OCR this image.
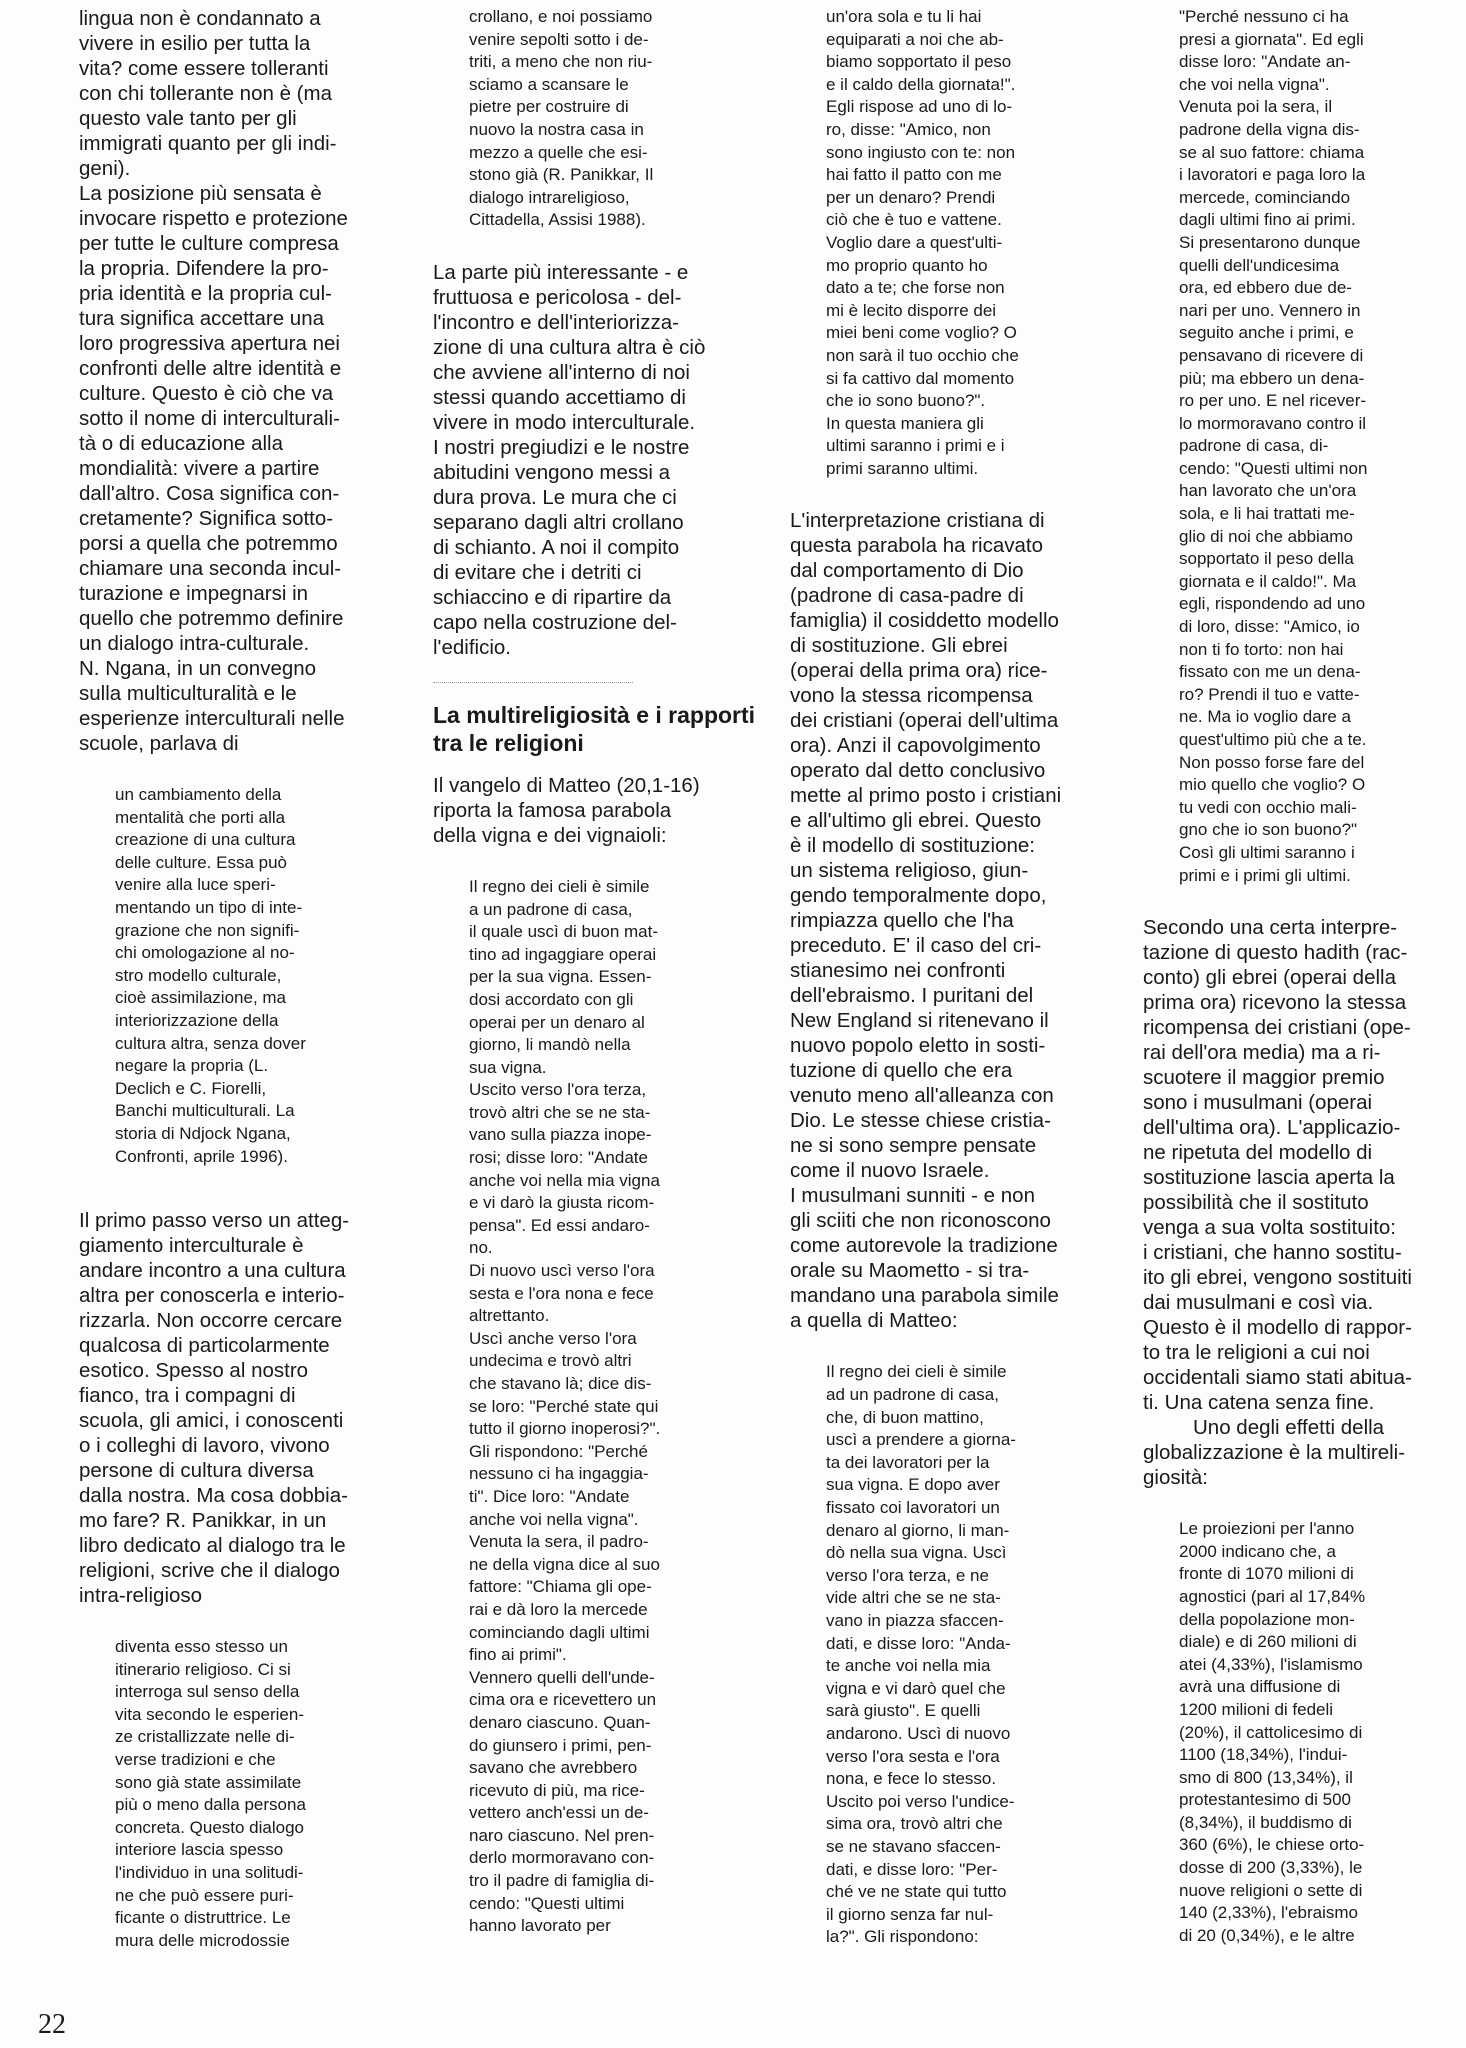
lingua non è condannato a
vivere in esilio per tutta la
vita? come essere tolleranti
con chi tollerante non è (ma
questo vale tanto per gli
immigrati quanto per gli indi-
geni).

La posizione più sensata è
invocare rispetto e protezione
per tutte le culture compresa
la propria. Difendere la pro-
pria identità e la propria cul-
tura significa accettare una
loro progressiva apertura nei
confronti delle altre identità e
culture. Questo è ciò che va
sotto il nome di interculturali-
tà o di educazione alla
mondialità: vivere a partire
dall'altro. Cosa significa con-
cretamente? Significa sotto-
porsi a quella che potremmo
chiamare una seconda incul-
turazione e impegnarsi in
quello che potremmo definire
un dialogo intra-culturale.

N. Ngana, in un convegno
sulla multiculturalità e le
esperienze interculturali nelle
scuole, parlava di

un cambiamento della
mentalità che porti alla
creazione di una cultura
delle culture. Essa può
venire alla luce speri-
mentando un tipo di inte-
grazione che non signifi-
chi omologazione al no-
stro modello culturale,
cioè assimilazione, ma
interiorizzazione della
cultura altra, senza dover
negare la propria (L.
Declich e C. Fiorelli,
Banchi multiculturali. La
storia di Ndjock Ngana,
Confronti, aprile 1996).

Il primo passo verso un atteg-
giamento interculturale è
andare incontro a una cultura
altra per conoscerla e interio-
rizzarla. Non occorre cercare
qualcosa di particolarmente
esotico. Spesso al nostro
fianco, tra i compagni di
scuola, gli amici, i conoscenti
o i colleghi di lavoro, vivono
persone di cultura diversa
dalla nostra. Ma cosa dobbia-
mo fare? R. Panikkar, in un
libro dedicato al dialogo tra le
religioni, scrive che il dialogo
intra-religioso

diventa esso stesso un
itinerario religioso. Ci si
interroga sul senso della
vita secondo le esperien-
ze cristallizzate nelle di-
verse tradizioni e che
sono già state assimilate
più o meno dalla persona
concreta. Questo dialogo
interiore lascia spesso
l'individuo in una solitudi-
ne che può essere puri-
ficante o distruttrice. Le
mura delle microdossie

crollano, e noi possiamo
venire sepolti sotto i de-
triti, a meno che non riu-
sciamo a scansare le
pietre per costruire di
nuovo la nostra casa in
mezzo a quelle che esi-
stono già (R. Panikkar, Il
dialogo intrareligioso,
Cittadella, Assisi 1988).

La parte più interessante - e
fruttuosa e pericolosa - del-
l'incontro e dell'interiorizza-
zione di una cultura altra è ciò
che avviene all'interno di noi
stessi quando accettiamo di
vivere in modo interculturale.
I nostri pregiudizi e le nostre
abitudini vengono messi a
dura prova. Le mura che ci
separano dagli altri crollano
di schianto. A noi il compito
di evitare che i detriti ci
schiaccino e di ripartire da
capo nella costruzione del-
l'edificio.

La multireligiosità e i rapporti tra le religioni

Il vangelo di Matteo (20,1-16)
riporta la famosa parabola
della vigna e dei vignaioli:

Il regno dei cieli è simile
a un padrone di casa,
il quale uscì di buon mat-
tino ad ingaggiare operai
per la sua vigna. Essen-
dosi accordato con gli
operai per un denaro al
giorno, li mandò nella
sua vigna.

Uscito verso l'ora terza,
trovò altri che se ne sta-
vano sulla piazza inope-
rosi; disse loro: "Andate
anche voi nella mia vigna
e vi darò la giusta ricom-
pensa". Ed essi andaro-
no.

Di nuovo uscì verso l'ora
sesta e l'ora nona e fece
altrettanto.

Uscì anche verso l'ora
undecima e trovò altri
che stavano là; dice dis-
se loro: "Perché state qui
tutto il giorno inoperosi?".
Gli rispondono: "Perché
nessuno ci ha ingaggia-
ti". Dice loro: "Andate
anche voi nella vigna".
Venuta la sera, il padro-
ne della vigna dice al suo
fattore: "Chiama gli ope-
rai e dà loro la mercede
cominciando dagli ultimi
fino ai primi".
Vennero quelli dell'unde-
cima ora e ricevettero un
denaro ciascuno. Quan-
do giunsero i primi, pen-
savano che avrebbero
ricevuto di più, ma rice-
vettero anch'essi un de-
naro ciascuno. Nel pren-
derlo mormoravano con-
tro il padre di famiglia di-
cendo: "Questi ultimi
hanno lavorato per

un'ora sola e tu li hai
equiparati a noi che ab-
biamo sopportato il peso
e il caldo della giornata!".
Egli rispose ad uno di lo-
ro, disse: "Amico, non
sono ingiusto con te: non
hai fatto il patto con me
per un denaro? Prendi
ciò che è tuo e vattene.
Voglio dare a quest'ulti-
mo proprio quanto ho
dato a te; che forse non
mi è lecito disporre dei
miei beni come voglio? O
non sarà il tuo occhio che
si fa cattivo dal momento
che io sono buono?".

In questa maniera gli
ultimi saranno i primi e i
primi saranno ultimi.

L'interpretazione cristiana di
questa parabola ha ricavato
dal comportamento di Dio
(padrone di casa-padre di
famiglia) il cosiddetto modello
di sostituzione. Gli ebrei
(operai della prima ora) rice-
vono la stessa ricompensa
dei cristiani (operai dell'ultima
ora). Anzi il capovolgimento
operato dal detto conclusivo
mette al primo posto i cristiani
e all'ultimo gli ebrei. Questo
è il modello di sostituzione:
un sistema religioso, giun-
gendo temporalmente dopo,
rimpiazza quello che l'ha
preceduto. E' il caso del cri-
stianesimo nei confronti
dell'ebraismo. I puritani del
New England si ritenevano il
nuovo popolo eletto in sosti-
tuzione di quello che era
venuto meno all'alleanza con
Dio. Le stesse chiese cristia-
ne si sono sempre pensate
come il nuovo Israele.

I musulmani sunniti - e non
gli sciiti che non riconoscono
come autorevole la tradizione
orale su Maometto - si tra-
mandano una parabola simile
a quella di Matteo:

Il regno dei cieli è simile
ad un padrone di casa,
che, di buon mattino,
uscì a prendere a giorna-
ta dei lavoratori per la
sua vigna. E dopo aver
fissato coi lavoratori un
denaro al giorno, li man-
dò nella sua vigna. Uscì
verso l'ora terza, e ne
vide altri che se ne sta-
vano in piazza sfaccen-
dati, e disse loro: "Anda-
te anche voi nella mia
vigna e vi darò quel che
sarà giusto". E quelli
andarono. Uscì di nuovo
verso l'ora sesta e l'ora
nona, e fece lo stesso.
Uscito poi verso l'undice-
sima ora, trovò altri che
se ne stavano sfaccen-
dati, e disse loro: "Per-
ché ve ne state qui tutto
il giorno senza far nul-
la?". Gli rispondono:

"Perché nessuno ci ha
presi a giornata". Ed egli
disse loro: "Andate an-
che voi nella vigna".
Venuta poi la sera, il
padrone della vigna dis-
se al suo fattore: chiama
i lavoratori e paga loro la
mercede, cominciando
dagli ultimi fino ai primi.
Si presentarono dunque
quelli dell'undicesima
ora, ed ebbero due de-
nari per uno. Vennero in
seguito anche i primi, e
pensavano di ricevere di
più; ma ebbero un dena-
ro per uno. E nel ricever-
lo mormoravano contro il
padrone di casa, di-
cendo: "Questi ultimi non
han lavorato che un'ora
sola, e li hai trattati me-
glio di noi che abbiamo
sopportato il peso della
giornata e il caldo!". Ma
egli, rispondendo ad uno
di loro, disse: "Amico, io
non ti fo torto: non hai
fissato con me un dena-
ro? Prendi il tuo e vatte-
ne. Ma io voglio dare a
quest'ultimo più che a te.
Non posso forse fare del
mio quello che voglio? O
tu vedi con occhio mali-
gno che io son buono?"
Così gli ultimi saranno i
primi e i primi gli ultimi.

Secondo una certa interpre-
tazione di questo hadith (rac-
conto) gli ebrei (operai della
prima ora) ricevono la stessa
ricompensa dei cristiani (ope-
rai dell'ora media) ma a ri-
scuotere il maggior premio
sono i musulmani (operai
dell'ultima ora). L'applicazio-
ne ripetuta del modello di
sostituzione lascia aperta la
possibilità che il sostituto
venga a sua volta sostituito:
i cristiani, che hanno sostitu-
ito gli ebrei, vengono sostituiti
dai musulmani e così via.
Questo è il modello di rappor-
to tra le religioni a cui noi
occidentali siamo stati abitua-
ti. Una catena senza fine.

Uno degli effetti della
globalizzazione è la multireli-
giosità:

Le proiezioni per l'anno
2000 indicano che, a
fronte di 1070 milioni di
agnostici (pari al 17,84%
della popolazione mon-
diale) e di 260 milioni di
atei (4,33%), l'islamismo
avrà una diffusione di
1200 milioni di fedeli
(20%), il cattolicesimo di
1100 (18,34%), l'indui-
smo di 800 (13,34%), il
protestantesimo di 500
(8,34%), il buddismo di
360 (6%), le chiese orto-
dosse di 200 (3,33%), le
nuove religioni o sette di
140 (2,33%), l'ebraismo
di 20 (0,34%), e le altre

22
